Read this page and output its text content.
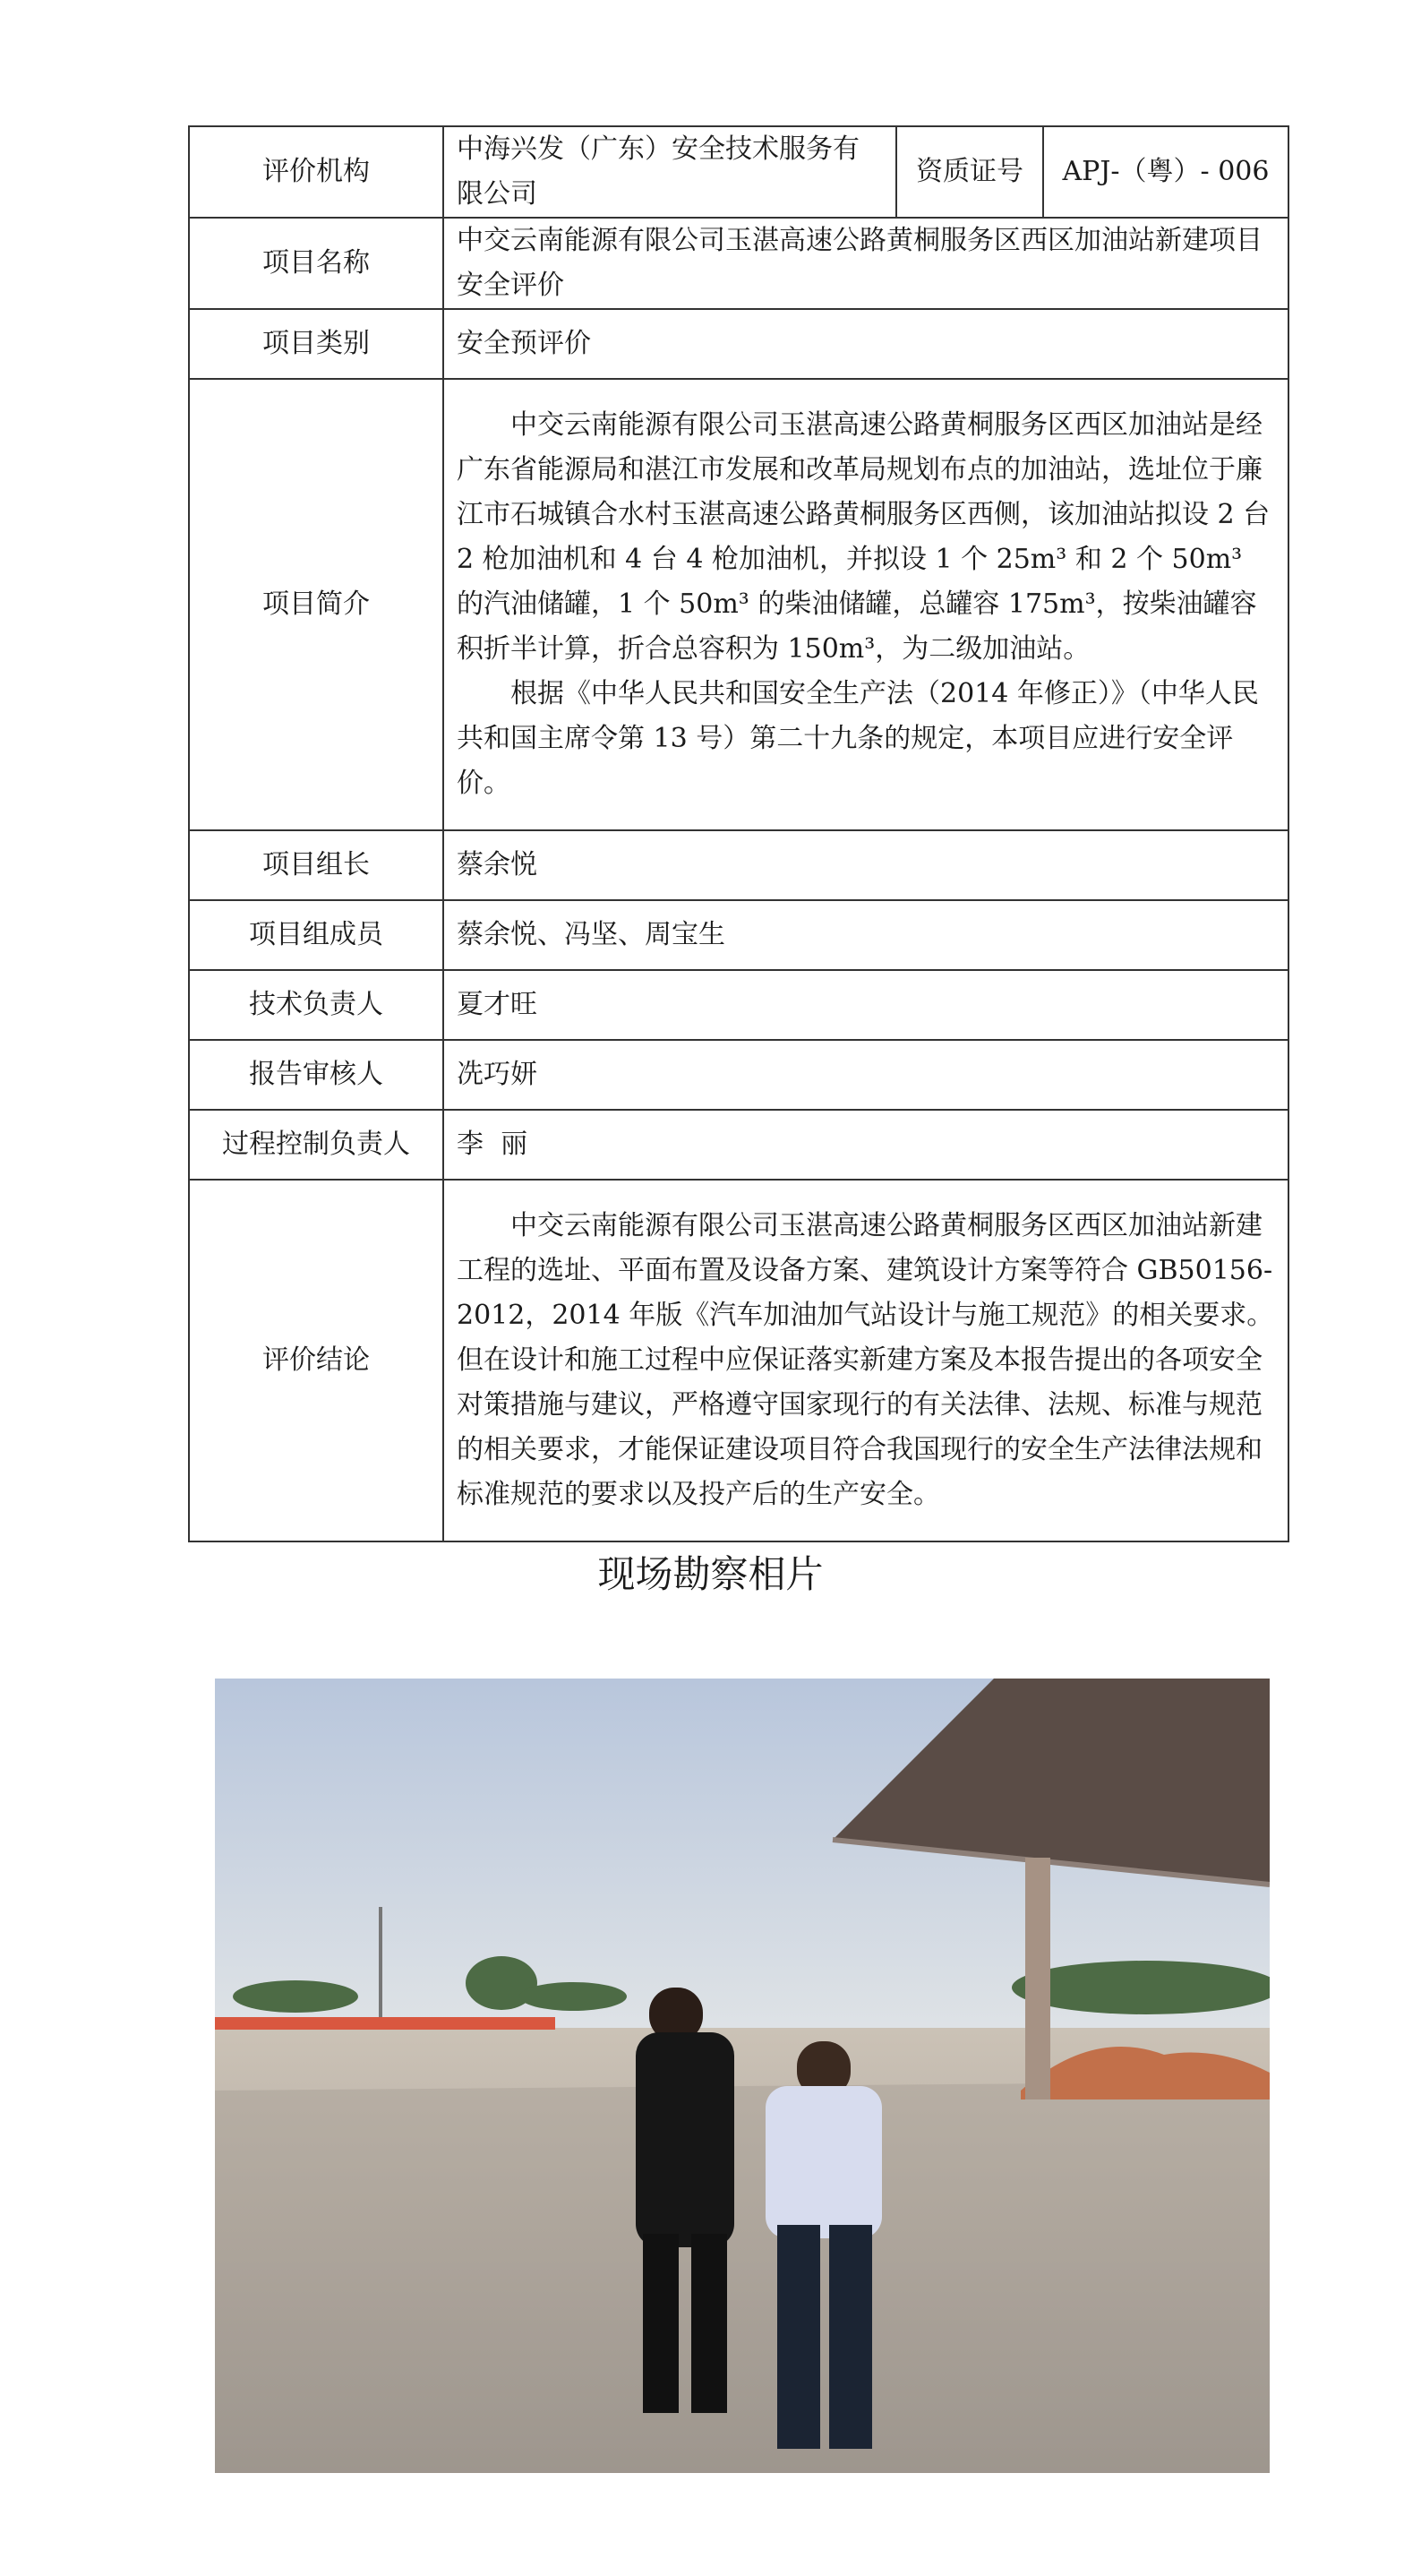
评价机构	中海兴发（广东）安全技术服务有限公司	资质证号	APJ-（粤）- 006
项目名称	中交云南能源有限公司玉湛高速公路黄桐服务区西区加油站新建项目安全评价		
项目类别	安全预评价		
项目简介	中交云南能源有限公司玉湛高速公路黄桐服务区西区加油站是经广东省能源局和湛江市发展和改革局规划布点的加油站，选址位于廉江市石城镇合水村玉湛高速公路黄桐服务区西侧，该加油站拟设 2 台 2 枪加油机和 4 台 4 枪加油机，并拟设 1 个 25m³ 和 2 个 50m³ 的汽油储罐，1 个 50m³ 的柴油储罐，总罐容 175m³，按柴油罐容积折半计算，折合总容积为 150m³，为二级加油站。

根据《中华人民共和国安全生产法（2014 年修正）》（中华人民共和国主席令第 13 号）第二十九条的规定，本项目应进行安全评价。		

项目组长	蔡余悦		
项目组成员	蔡余悦、冯坚、周宝生		
技术负责人	夏才旺		
报告审核人	冼巧妍		
过程控制负责人	李  丽		
评价结论	中交云南能源有限公司玉湛高速公路黄桐服务区西区加油站新建工程的选址、平面布置及设备方案、建筑设计方案等符合 GB50156-2012，2014 年版《汽车加油加气站设计与施工规范》的相关要求。但在设计和施工过程中应保证落实新建方案及本报告提出的各项安全对策措施与建议，严格遵守国家现行的有关法律、法规、标准与规范的相关要求，才能保证建设项目符合我国现行的安全生产法律法规和标准规范的要求以及投产后的生产安全。		

现场勘察相片
